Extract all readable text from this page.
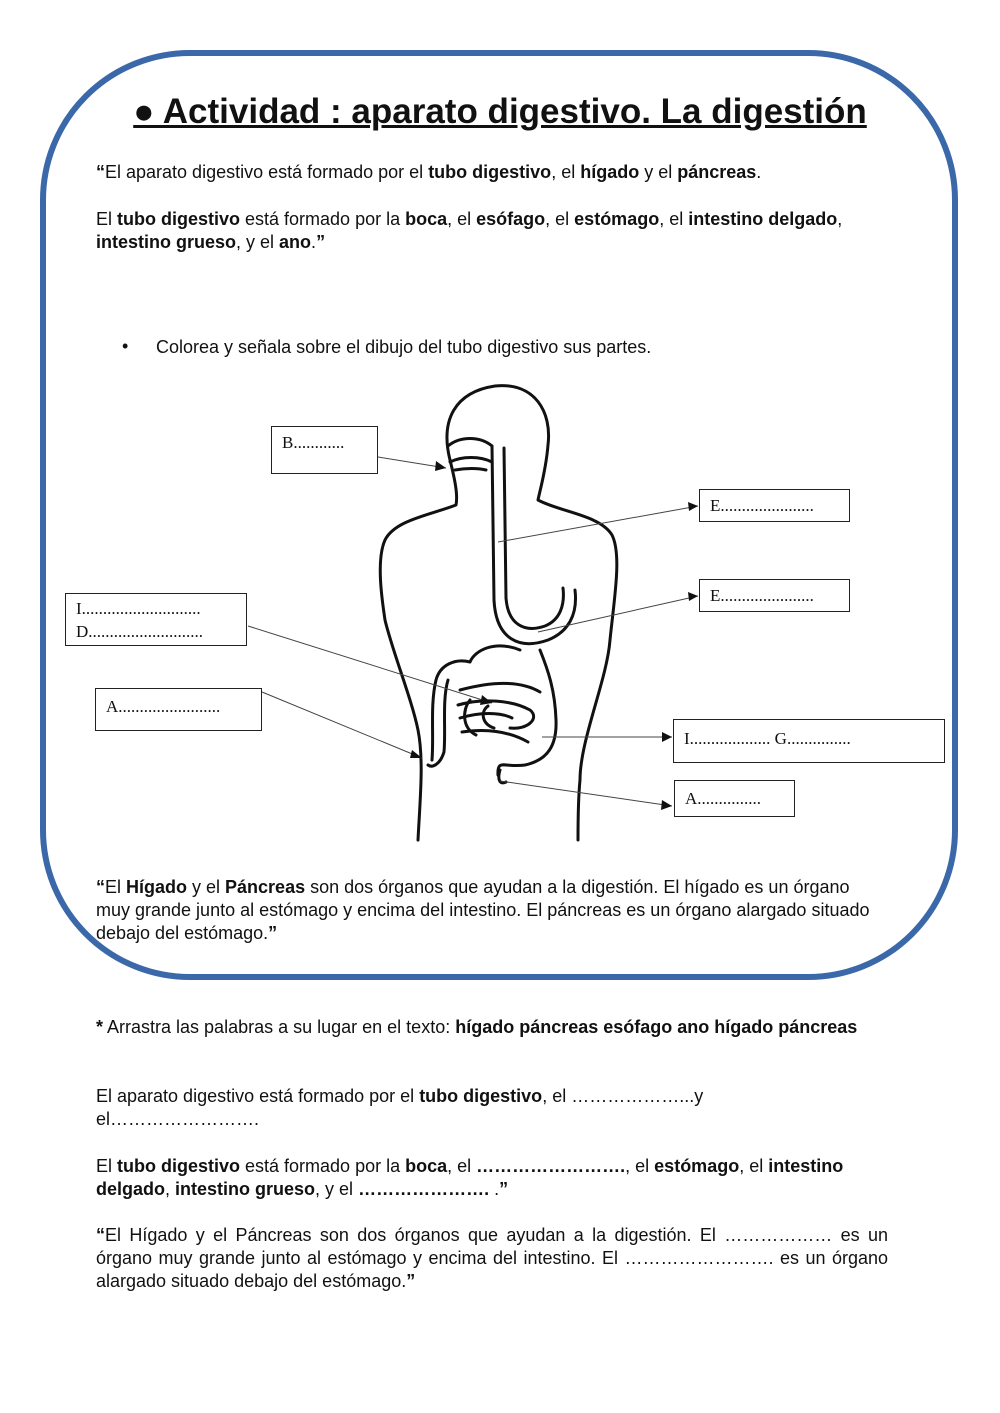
● Actividad : aparato digestivo. La digestión

“El aparato digestivo está formado por el tubo digestivo, el hígado y el páncreas.

El tubo digestivo está formado por la boca, el esófago, el estómago, el intestino delgado, intestino grueso, y el ano.”

• Colorea y señala sobre el dibujo del tubo digestivo sus partes.
B............
E......................
E......................
I............................
D...........................
A........................
I................... G...............
A...............

“El Hígado y el Páncreas son dos órganos que ayudan a la digestión. El hígado es un órgano muy grande junto al estómago y encima del intestino. El páncreas es un órgano alargado situado debajo del estómago.”

* Arrastra las palabras a su lugar en el texto: hígado páncreas esófago ano hígado páncreas

El aparato digestivo está formado por el tubo digestivo, el ………………...y el…………………….

El tubo digestivo está formado por la boca, el ……………………., el estómago, el intestino delgado, intestino grueso, y el …………………. .”

“El Hígado y el Páncreas son dos órganos que ayudan a la digestión. El ……………… es un órgano muy grande junto al estómago y encima del intestino. El ……………………. es un órgano alargado situado debajo del estómago.”
